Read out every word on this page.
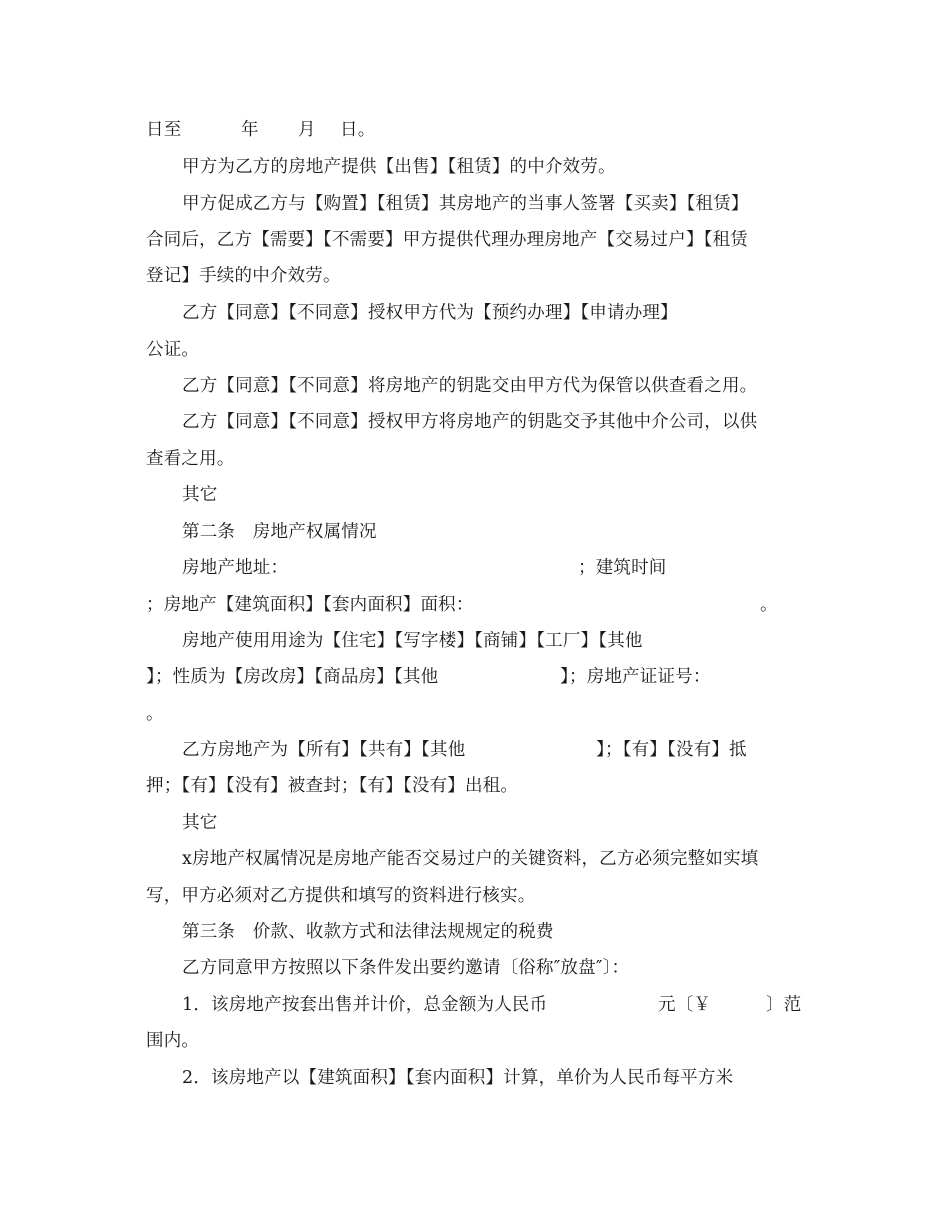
日至	年 月 日。
甲方为乙方的房地产提供【出售】【租赁】的中介效劳。
甲方促成乙方与【购置】【租赁】其房地产的当事人签署【买卖】【租赁】
合同后，乙方【需要】【不需要】甲方提供代理办理房地产【交易过户】【租赁
登记】手续的中介效劳。
乙方【同意】【不同意】授权甲方代为【预约办理】【申请办理】
公证。
乙方【同意】【不同意】将房地产的钥匙交由甲方代为保管以供查看之用。
乙方【同意】【不同意】授权甲方将房地产的钥匙交予其他中介公司，以供
查看之用。
其它
第二条　房地产权属情况
房地产地址：	；建筑时间
；房地产【建筑面积】【套内面积】面积：	。
房地产使用用途为【住宅】【写字楼】【商铺】【工厂】【其他
】；性质为【房改房】【商品房】【其他	】；房地产证证号：
。
乙方房地产为【所有】【共有】【其他	】；【有】【没有】抵
押；【有】【没有】被查封；【有】【没有】出租。
其它
x房地产权属情况是房地产能否交易过户的关键资料，乙方必须完整如实填
写，甲方必须对乙方提供和填写的资料进行核实。
第三条　价款、收款方式和法律法规规定的税费
乙方同意甲方按照以下条件发出要约邀请〔俗称″放盘″〕：
1．该房地产按套出售并计价，总金额为人民币	元〔￥	〕范
围内。
2．该房地产以【建筑面积】【套内面积】计算，单价为人民币每平方米
